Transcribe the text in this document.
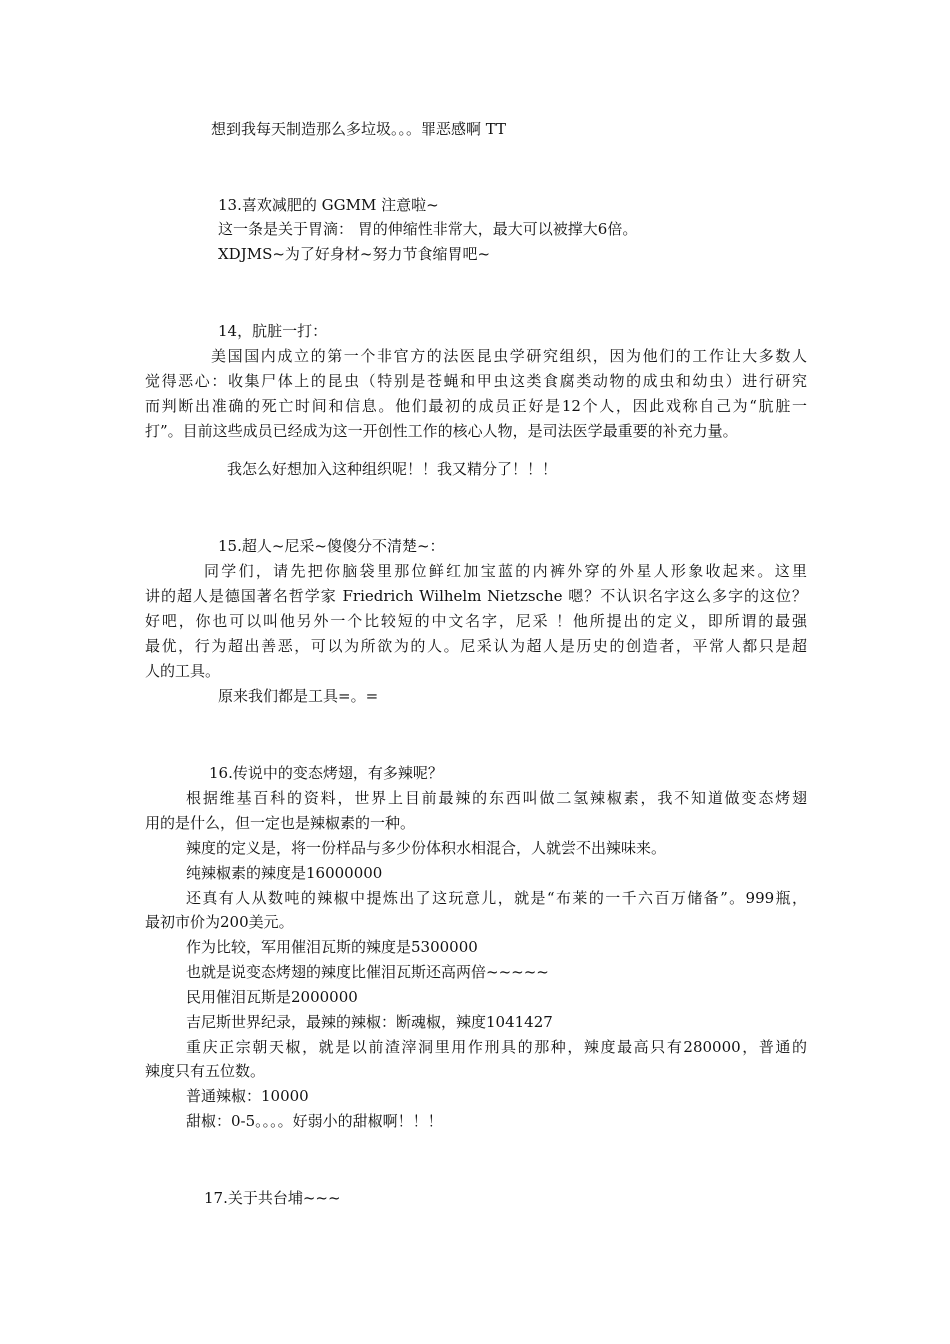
想到我每天制造那么多垃圾。。。罪恶感啊 TT
13.喜欢减肥的 GGMM 注意啦~
这一条是关于胃滴： 胃的伸缩性非常大，最大可以被撑大6倍。
XDJMS~为了好身材~努力节食缩胃吧~
14，肮脏一打：
美国国内成立的第一个非官方的法医昆虫学研究组织，因为他们的工作让大多数人
觉得恶心：收集尸体上的昆虫（特别是苍蝇和甲虫这类食腐类动物的成虫和幼虫）进行研究
而判断出准确的死亡时间和信息。他们最初的成员正好是12个人，因此戏称自己为“肮脏一
打”。目前这些成员已经成为这一开创性工作的核心人物，是司法医学最重要的补充力量。
我怎么好想加入这种组织呢！！我又精分了！！！
15.超人~尼采~傻傻分不清楚~：
同学们，请先把你脑袋里那位鲜红加宝蓝的内裤外穿的外星人形象收起来。这里
讲的超人是德国著名哲学家 Friedrich Wilhelm Nietzsche 嗯？不认识名字这么多字的这位？
好吧，你也可以叫他另外一个比较短的中文名字，尼采 ！他所提出的定义，即所谓的最强
最优，行为超出善恶，可以为所欲为的人。尼采认为超人是历史的创造者，平常人都只是超
人的工具。
原来我们都是工具=。=
16.传说中的变态烤翅，有多辣呢？
根据维基百科的资料，世界上目前最辣的东西叫做二氢辣椒素，我不知道做变态烤翅
用的是什么，但一定也是辣椒素的一种。
辣度的定义是，将一份样品与多少份体积水相混合，人就尝不出辣味来。
纯辣椒素的辣度是16000000
还真有人从数吨的辣椒中提炼出了这玩意儿，就是“布莱的一千六百万储备”。999瓶，
最初市价为200美元。
作为比较，军用催泪瓦斯的辣度是5300000
也就是说变态烤翅的辣度比催泪瓦斯还高两倍~~~~~
民用催泪瓦斯是2000000
吉尼斯世界纪录，最辣的辣椒：断魂椒，辣度1041427
重庆正宗朝天椒，就是以前渣滓洞里用作刑具的那种，辣度最高只有280000，普通的
辣度只有五位数。
普通辣椒：10000
甜椒：0-5。。。。好弱小的甜椒啊！！！
17.关于共台埔~~~
